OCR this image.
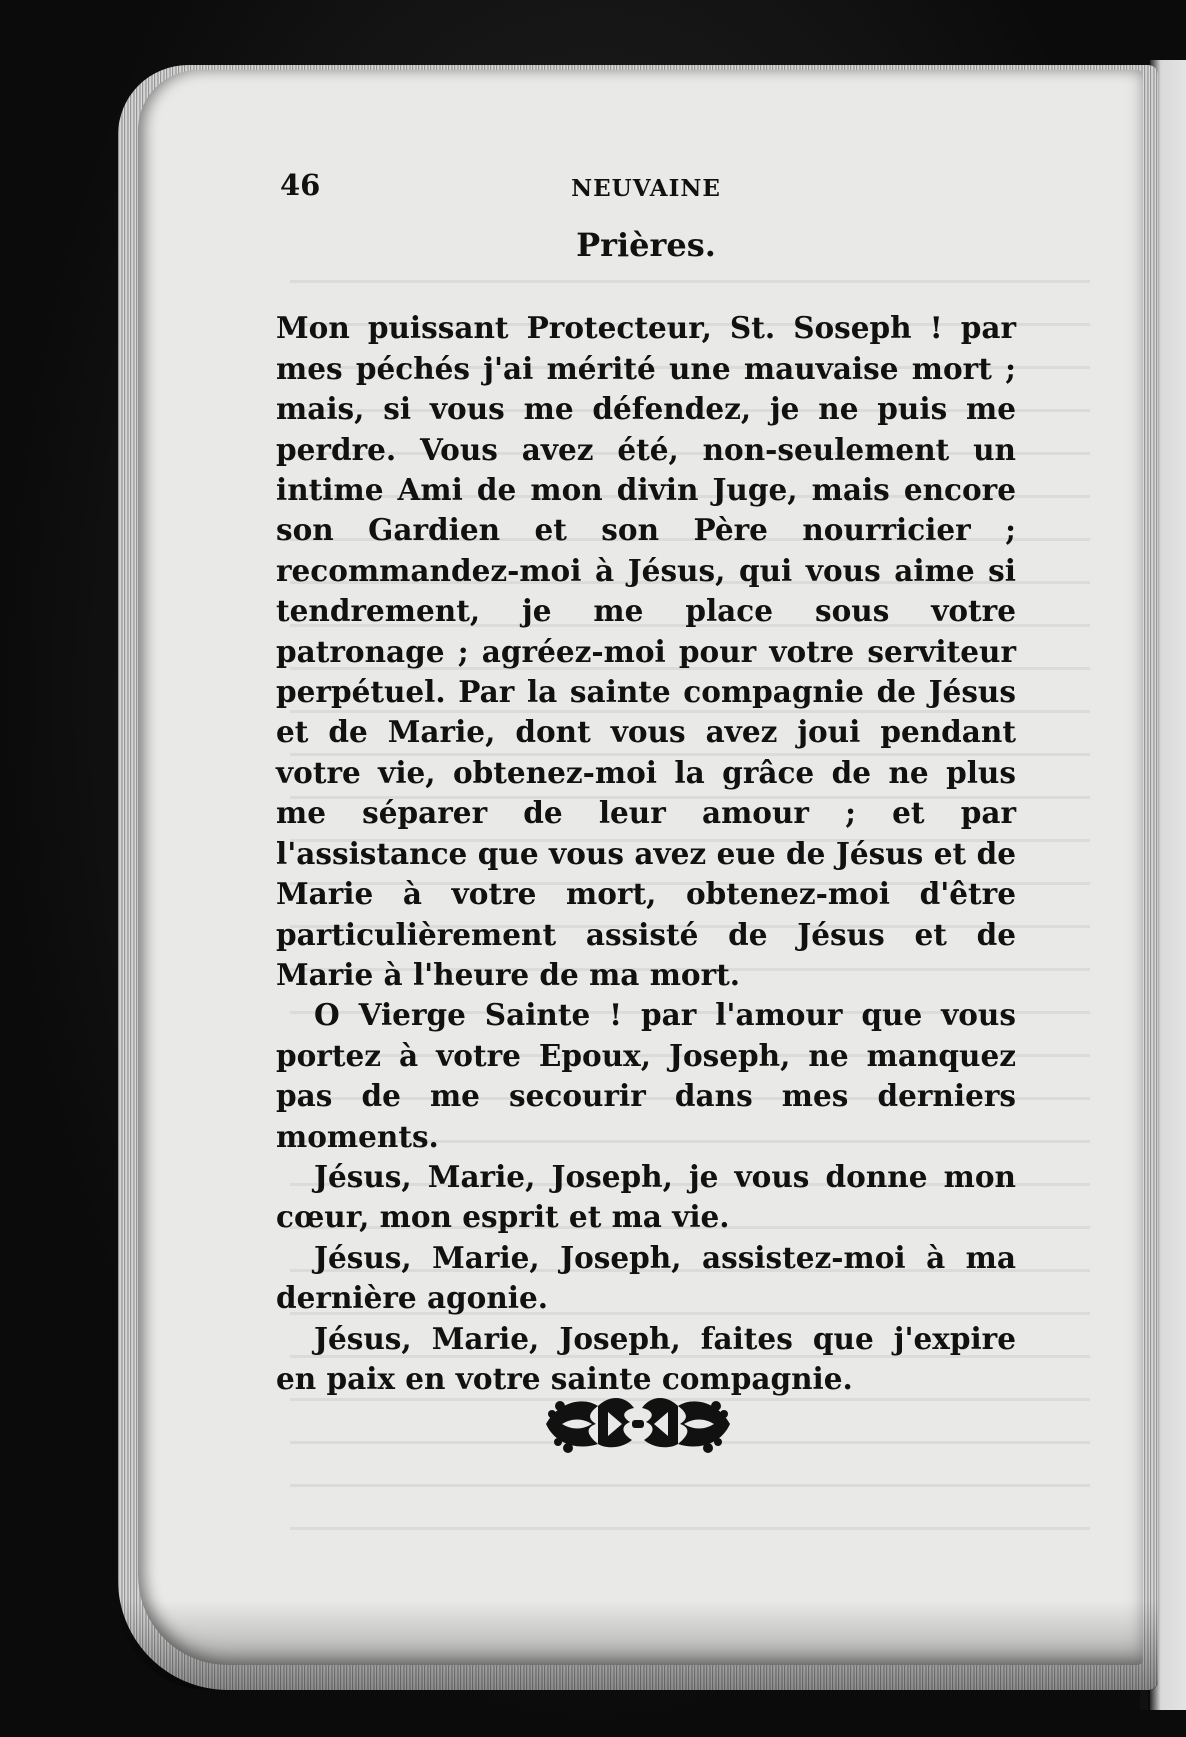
46	NEUVAINE
Prières.

Mon puissant Protecteur, St. Soseph ! par mes péchés j'ai mérité une mauvaise mort ; mais, si vous me défendez, je ne puis me perdre. Vous avez été, non-seulement un intime Ami de mon divin Juge, mais encore son Gardien et son Père nourricier ; recommandez-moi à Jésus, qui vous aime si tendrement, je me place sous votre patronage ; agréez-moi pour votre serviteur perpétuel. Par la sainte compagnie de Jésus et de Marie, dont vous avez joui pendant votre vie, obtenez-moi la grâce de ne plus me séparer de leur amour ; et par l'assistance que vous avez eue de Jésus et de Marie à votre mort, obtenez-moi d'être particulièrement assisté de Jésus et de Marie à l'heure de ma mort.

O Vierge Sainte ! par l'amour que vous portez à votre Epoux, Joseph, ne manquez pas de me secourir dans mes derniers moments.

Jésus, Marie, Joseph, je vous donne mon cœur, mon esprit et ma vie.

Jésus, Marie, Joseph, assistez-moi à ma dernière agonie.

Jésus, Marie, Joseph, faites que j'expire en paix en votre sainte compagnie.
